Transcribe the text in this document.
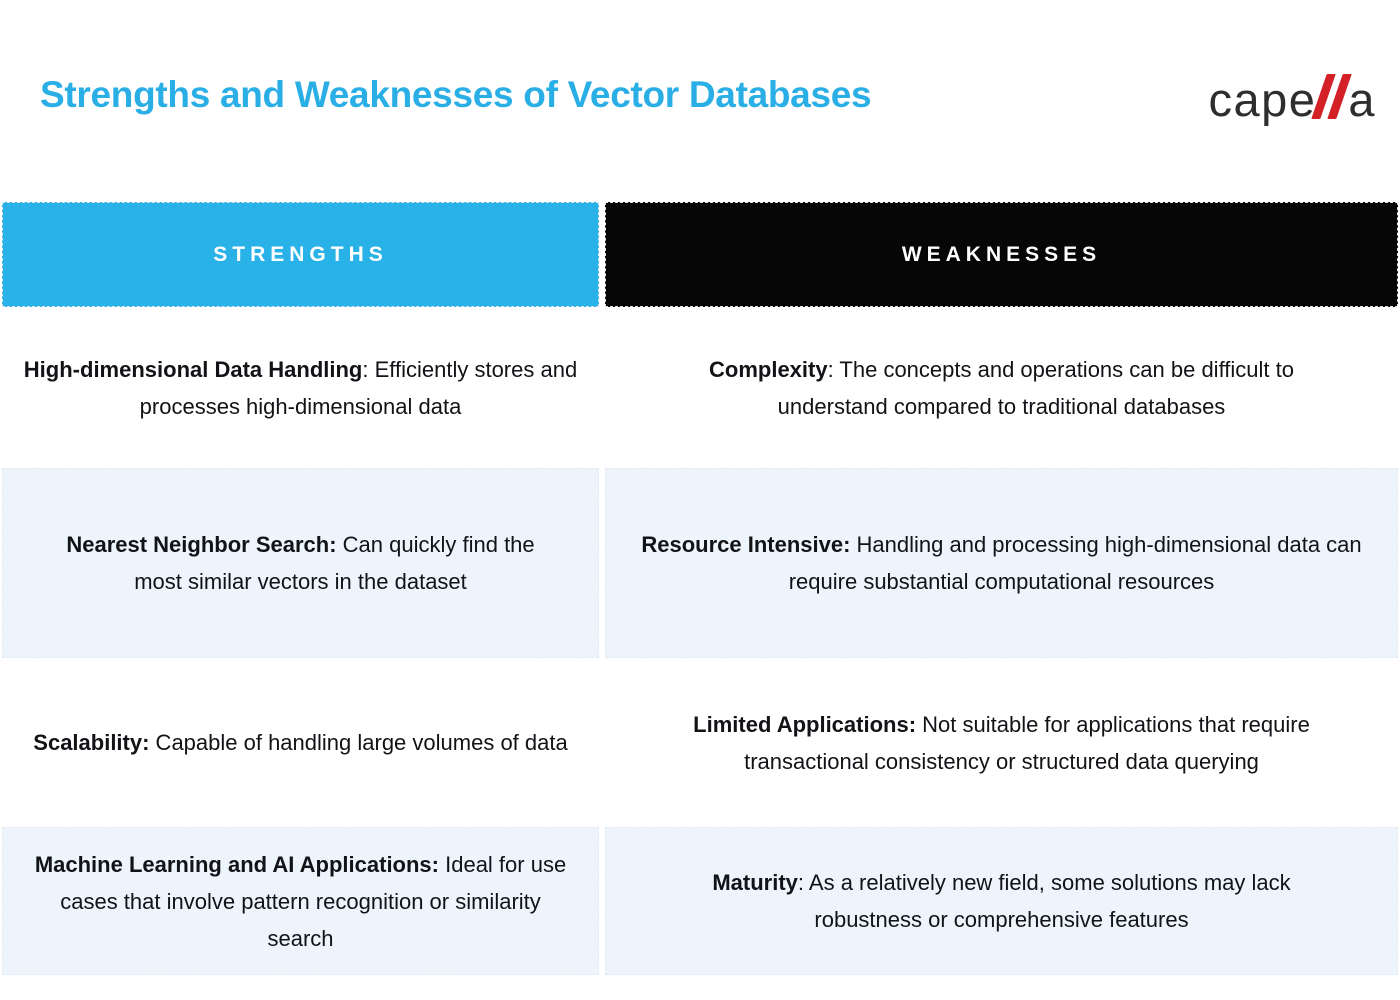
Strengths and Weaknesses of Vector Databases	cape a
STRENGTHS	WEAKNESSES

High-dimensional Data Handling: Efficiently stores and processes high-dimensional data

Complexity: The concepts and operations can be difficult to understand compared to traditional databases

Nearest Neighbor Search: Can quickly find the most similar vectors in the dataset

Resource Intensive: Handling and processing high-dimensional data can require substantial computational resources

Scalability: Capable of handling large volumes of data

Limited Applications: Not suitable for applications that require transactional consistency or structured data querying

Machine Learning and AI Applications: Ideal for use cases that involve pattern recognition or similarity search

Maturity: As a relatively new field, some solutions may lack robustness or comprehensive features
